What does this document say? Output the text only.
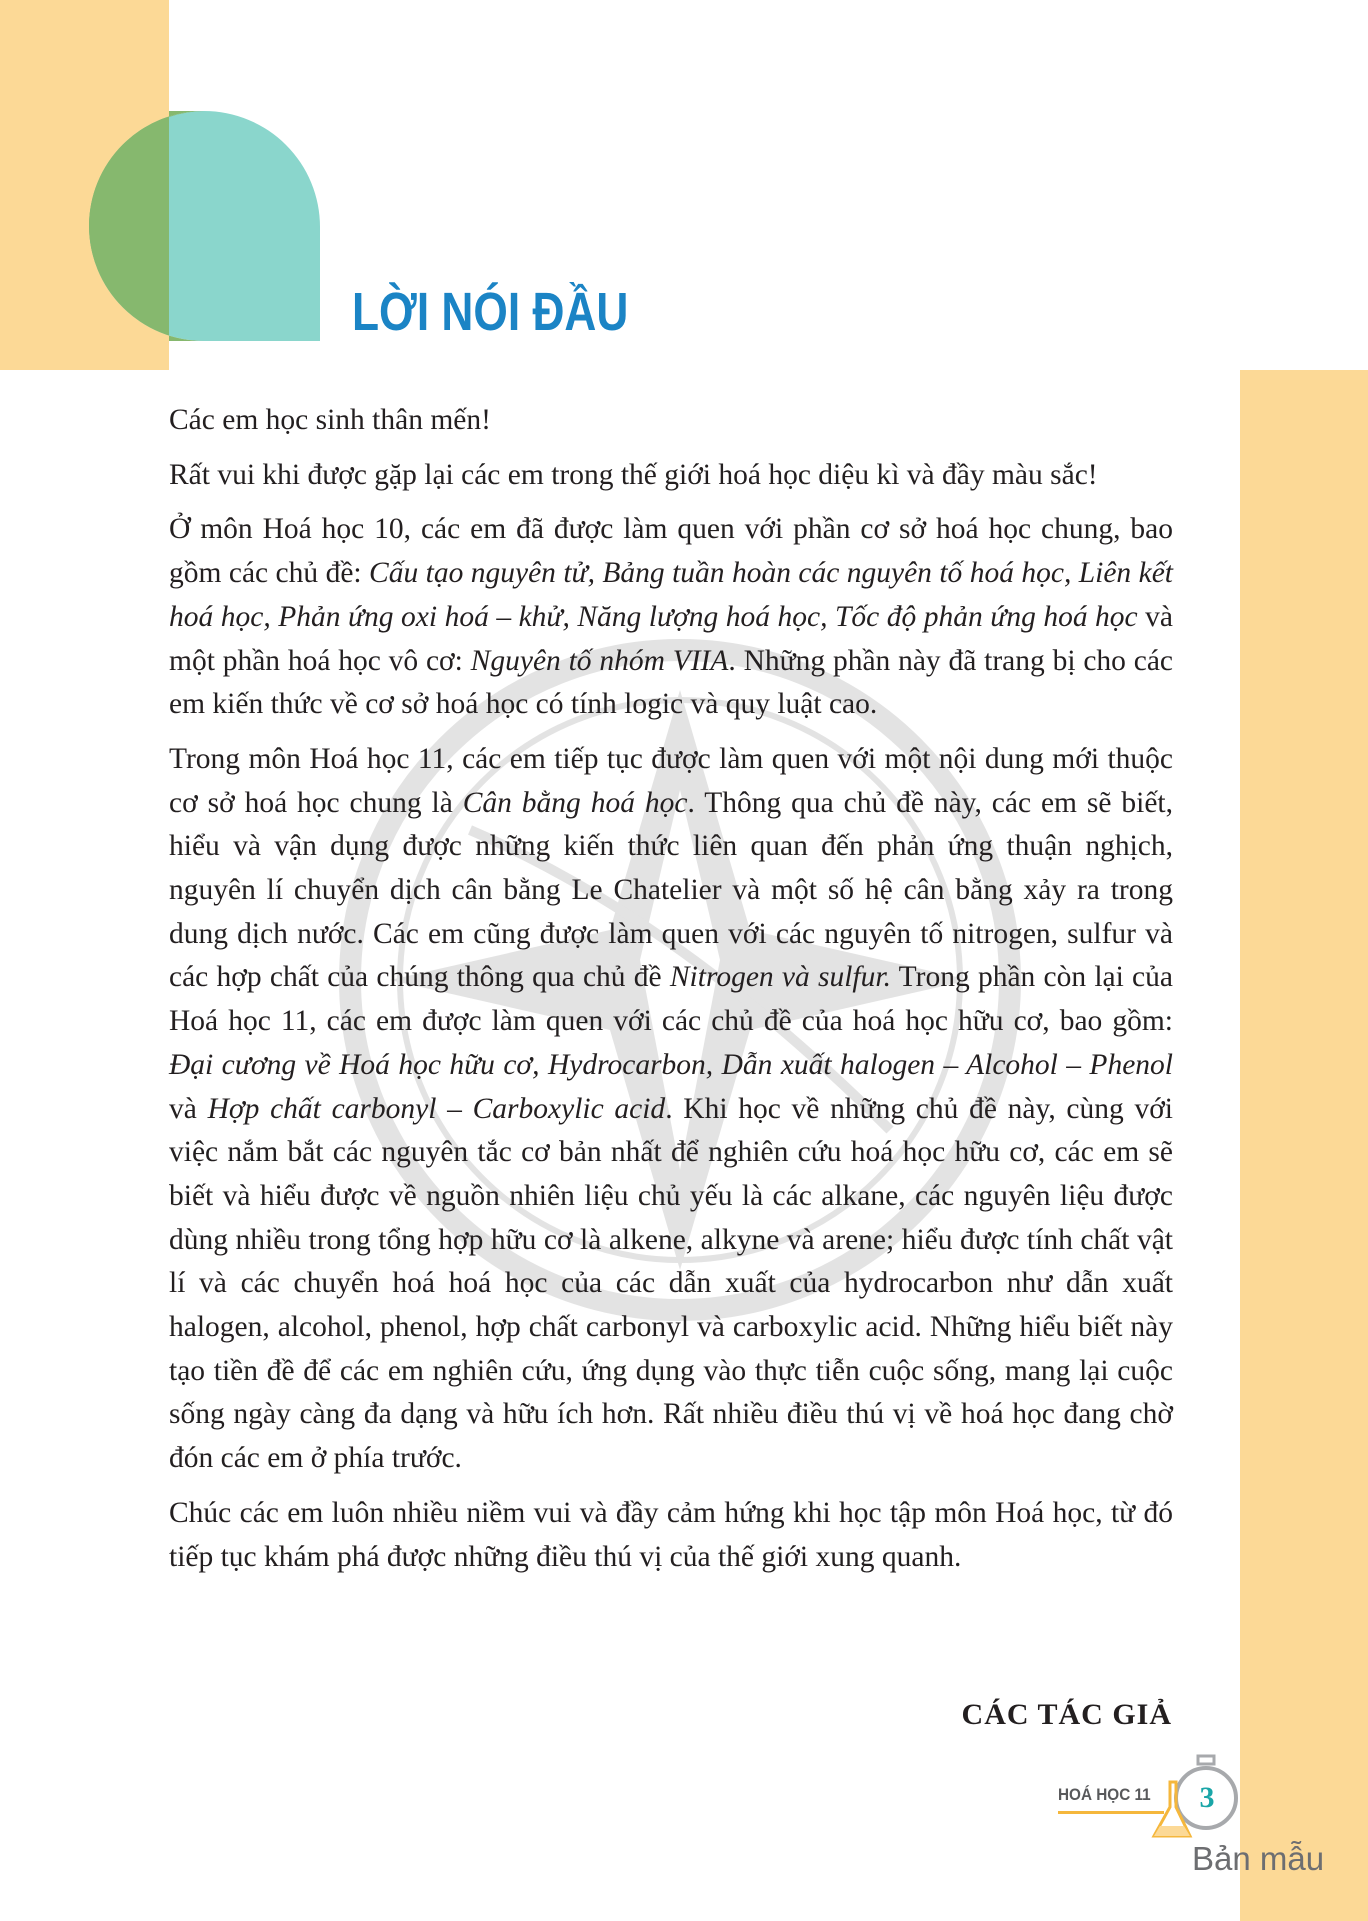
LỜI NÓI ĐẦU

Các em học sinh thân mến!

Rất vui khi được gặp lại các em trong thế giới hoá học diệu kì và đầy màu sắc!

Ở môn Hoá học 10, các em đã được làm quen với phần cơ sở hoá học chung, bao gồm các chủ đề: Cấu tạo nguyên tử, Bảng tuần hoàn các nguyên tố hoá học, Liên kết hoá học, Phản ứng oxi hoá – khử, Năng lượng hoá học, Tốc độ phản ứng hoá học và một phần hoá học vô cơ: Nguyên tố nhóm VIIA. Những phần này đã trang bị cho các em kiến thức về cơ sở hoá học có tính logic và quy luật cao.

Trong môn Hoá học 11, các em tiếp tục được làm quen với một nội dung mới thuộc cơ sở hoá học chung là Cân bằng hoá học. Thông qua chủ đề này, các em sẽ biết, hiểu và vận dụng được những kiến thức liên quan đến phản ứng thuận nghịch, nguyên lí chuyển dịch cân bằng Le Chatelier và một số hệ cân bằng xảy ra trong dung dịch nước. Các em cũng được làm quen với các nguyên tố nitrogen, sulfur và các hợp chất của chúng thông qua chủ đề Nitrogen và sulfur. Trong phần còn lại của Hoá học 11, các em được làm quen với các chủ đề của hoá học hữu cơ, bao gồm: Đại cương về Hoá học hữu cơ, Hydrocarbon, Dẫn xuất halogen – Alcohol – Phenol và Hợp chất carbonyl – Carboxylic acid. Khi học về những chủ đề này, cùng với việc nắm bắt các nguyên tắc cơ bản nhất để nghiên cứu hoá học hữu cơ, các em sẽ biết và hiểu được về nguồn nhiên liệu chủ yếu là các alkane, các nguyên liệu được dùng nhiều trong tổng hợp hữu cơ là alkene, alkyne và arene; hiểu được tính chất vật lí và các chuyển hoá hoá học của các dẫn xuất của hydrocarbon như dẫn xuất halogen, alcohol, phenol, hợp chất carbonyl và carboxylic acid. Những hiểu biết này tạo tiền đề để các em nghiên cứu, ứng dụng vào thực tiễn cuộc sống, mang lại cuộc sống ngày càng đa dạng và hữu ích hơn. Rất nhiều điều thú vị về hoá học đang chờ đón các em ở phía trước.

Chúc các em luôn nhiều niềm vui và đầy cảm hứng khi học tập môn Hoá học, từ đó tiếp tục khám phá được những điều thú vị của thế giới xung quanh.

CÁC TÁC GIẢ
HOÁ HỌC 11	3
Bản mẫu
